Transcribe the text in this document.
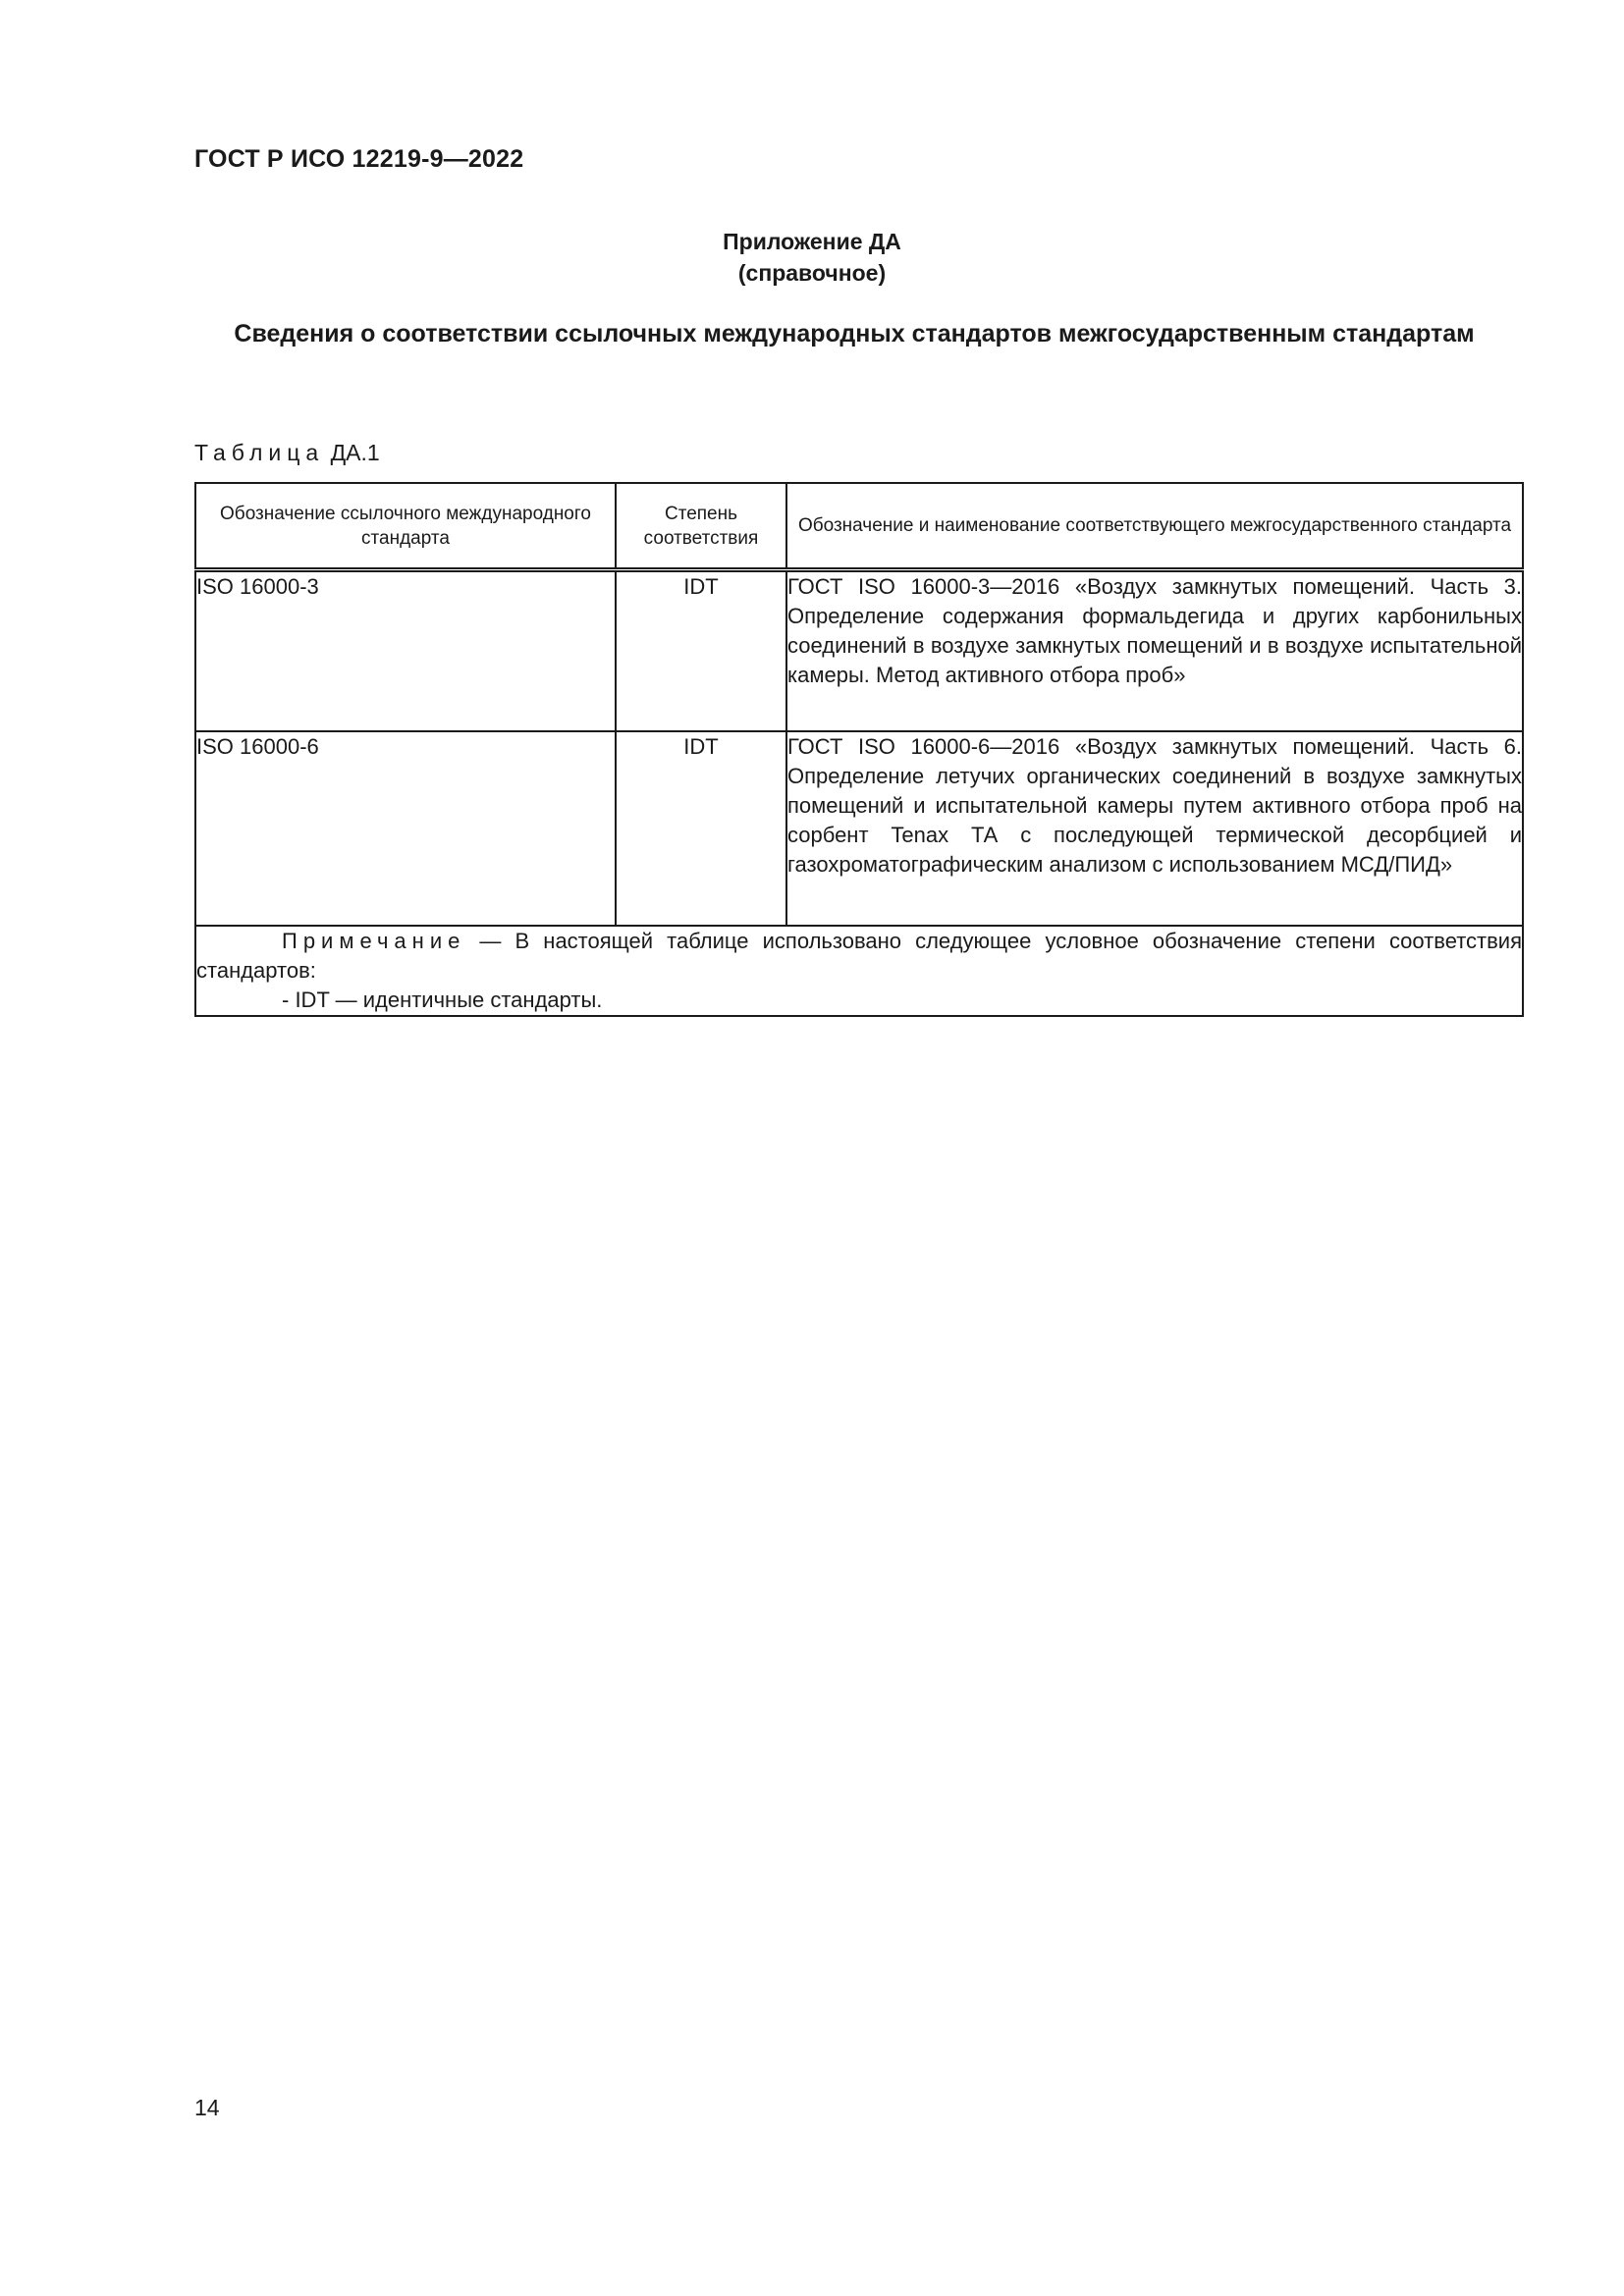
ГОСТ Р ИСО 12219-9—2022
Приложение ДА
(справочное)
Сведения о соответствии ссылочных международных стандартов межгосударственным стандартам
Таблица ДА.1
Обозначение ссылочного международного стандарта	Степень соответствия	Обозначение и наименование соответствующего межгосударственного стандарта
ISO 16000-3	IDT	ГОСТ ISO 16000-3—2016 «Воздух замкнутых помещений. Часть 3. Определение содержания формальдегида и других карбонильных соединений в воздухе замкнутых помещений и в воздухе испытательной камеры. Метод активного отбора проб»
ISO 16000-6	IDT	ГОСТ ISO 16000-6—2016 «Воздух замкнутых помещений. Часть 6. Определение летучих органических соединений в воздухе замкнутых помещений и испытательной камеры путем активного отбора проб на сорбент Tenax ТА с последующей термической десорбцией и газохроматографическим анализом с использованием МСД/ПИД»
Примечание — В настоящей таблице использовано следующее условное обозначение степени соответствия стандартов:
- IDT — идентичные стандарты.		
14
